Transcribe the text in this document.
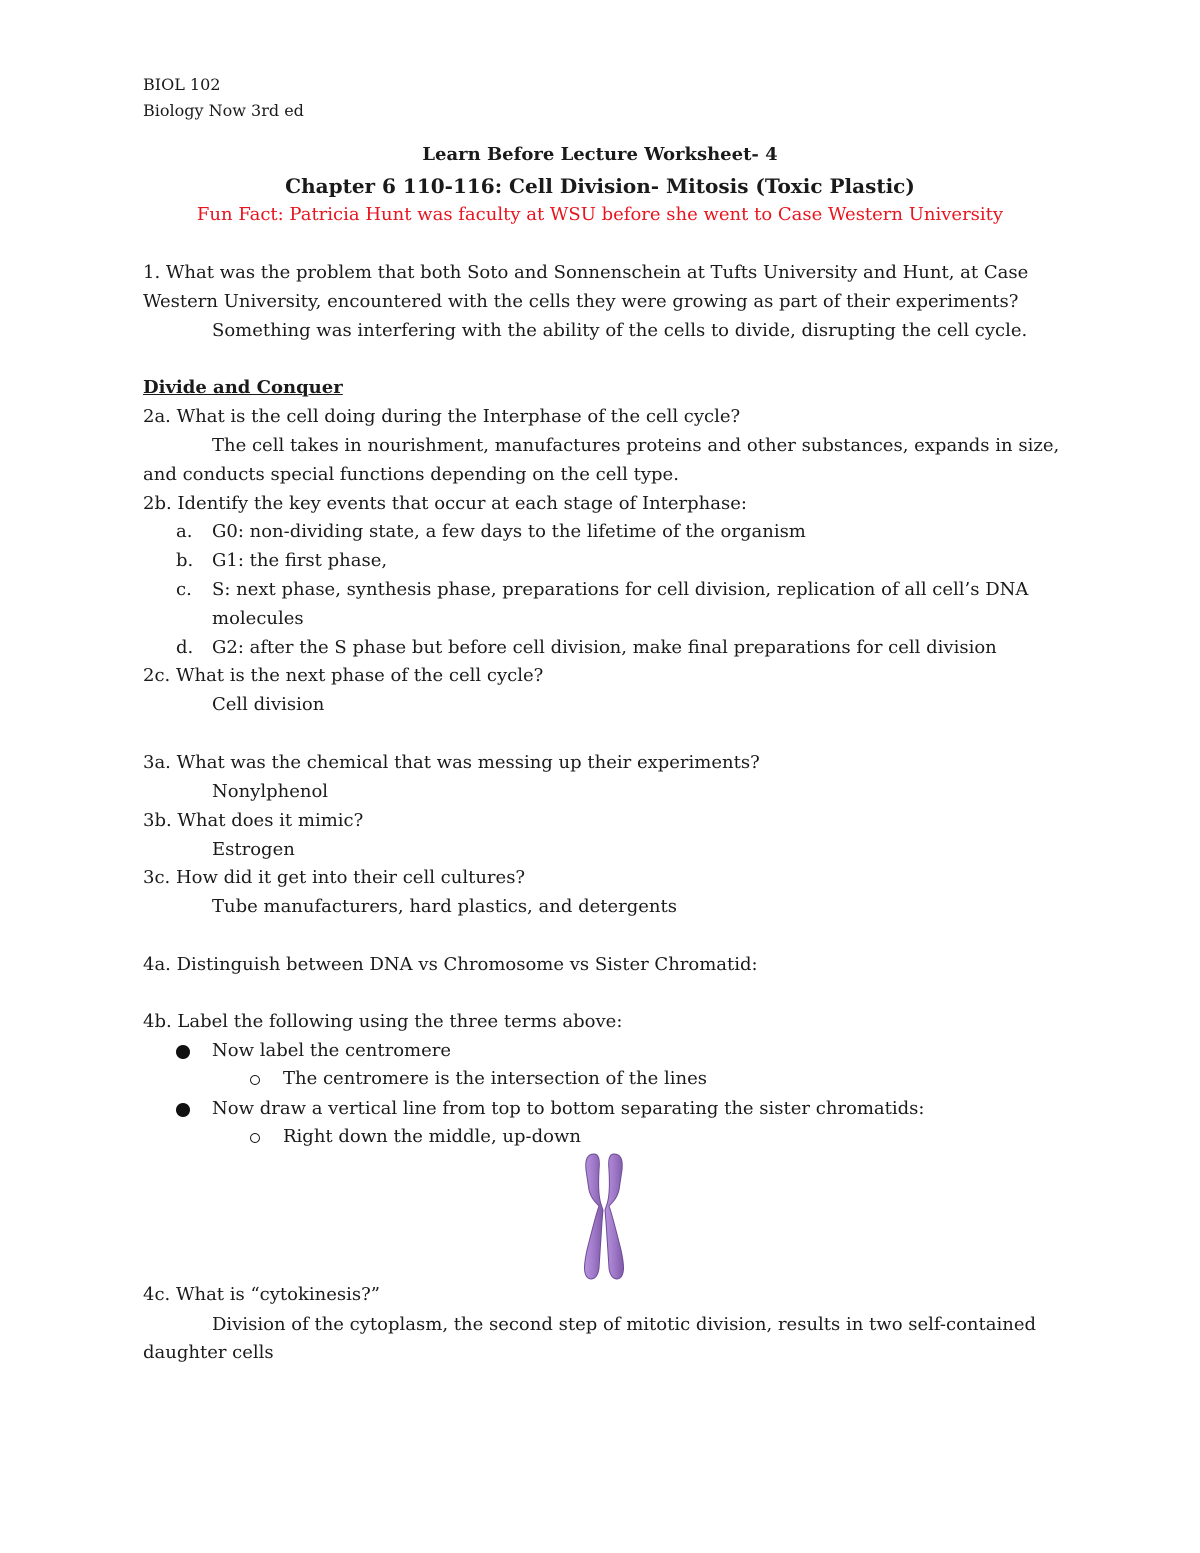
BIOL 102
Biology Now 3rd ed
Learn Before Lecture Worksheet- 4
Chapter 6 110-116: Cell Division- Mitosis (Toxic Plastic)
Fun Fact: Patricia Hunt was faculty at WSU before she went to Case Western University
1. What was the problem that both Soto and Sonnenschein at Tufts University and Hunt, at Case
Western University, encountered with the cells they were growing as part of their experiments?
Something was interfering with the ability of the cells to divide, disrupting the cell cycle.
Divide and Conquer
2a. What is the cell doing during the Interphase of the cell cycle?
The cell takes in nourishment, manufactures proteins and other substances, expands in size,
and conducts special functions depending on the cell type.
2b. Identify the key events that occur at each stage of Interphase:
a. G0: non-dividing state, a few days to the lifetime of the organism
b. G1: the first phase,
c. S: next phase, synthesis phase, preparations for cell division, replication of all cell’s DNA
molecules
d. G2: after the S phase but before cell division, make final preparations for cell division
2c. What is the next phase of the cell cycle?
Cell division
3a. What was the chemical that was messing up their experiments?
Nonylphenol
3b. What does it mimic?
Estrogen
3c. How did it get into their cell cultures?
Tube manufacturers, hard plastics, and detergents
4a. Distinguish between DNA vs Chromosome vs Sister Chromatid:
4b. Label the following using the three terms above:
Now label the centromere
The centromere is the intersection of the lines
Now draw a vertical line from top to bottom separating the sister chromatids:
Right down the middle, up-down
4c. What is “cytokinesis?”
Division of the cytoplasm, the second step of mitotic division, results in two self-contained
daughter cells
